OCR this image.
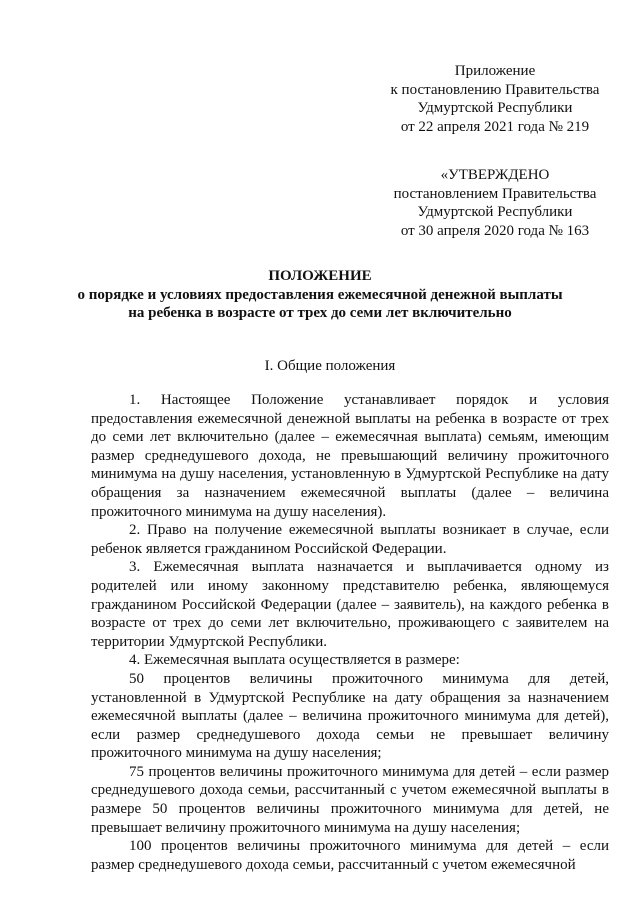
Приложение
к постановлению Правительства
Удмуртской Республики
от 22 апреля 2021 года № 219
«УТВЕРЖДЕНО
постановлением Правительства
Удмуртской Республики
от 30 апреля 2020 года № 163
ПОЛОЖЕНИЕ
о порядке и условиях предоставления ежемесячной денежной выплаты
на ребенка в возрасте от трех до семи лет включительно
I. Общие положения

1. Настоящее Положение устанавливает порядок и условия предоставления ежемесячной денежной выплаты на ребенка в возрасте от трех до семи лет включительно (далее – ежемесячная выплата) семьям, имеющим размер среднедушевого дохода, не превышающий величину прожиточного минимума на душу населения, установленную в Удмуртской Республике на дату обращения за назначением ежемесячной выплаты (далее – величина прожиточного минимума на душу населения).

2. Право на получение ежемесячной выплаты возникает в случае, если ребенок является гражданином Российской Федерации.

3. Ежемесячная выплата назначается и выплачивается одному из родителей или иному законному представителю ребенка, являющемуся гражданином Российской Федерации (далее – заявитель), на каждого ребенка в возрасте от трех до семи лет включительно, проживающего с заявителем на территории Удмуртской Республики.

4. Ежемесячная выплата осуществляется в размере:

50 процентов величины прожиточного минимума для детей, установленной в Удмуртской Республике на дату обращения за назначением ежемесячной выплаты (далее – величина прожиточного минимума для детей), если размер среднедушевого дохода семьи не превышает величину прожиточного минимума на душу населения;

75 процентов величины прожиточного минимума для детей – если размер среднедушевого дохода семьи, рассчитанный с учетом ежемесячной выплаты в размере 50 процентов величины прожиточного минимума для детей, не превышает величину прожиточного минимума на душу населения;

100 процентов величины прожиточного минимума для детей – если размер среднедушевого дохода семьи, рассчитанный с учетом ежемесячной
